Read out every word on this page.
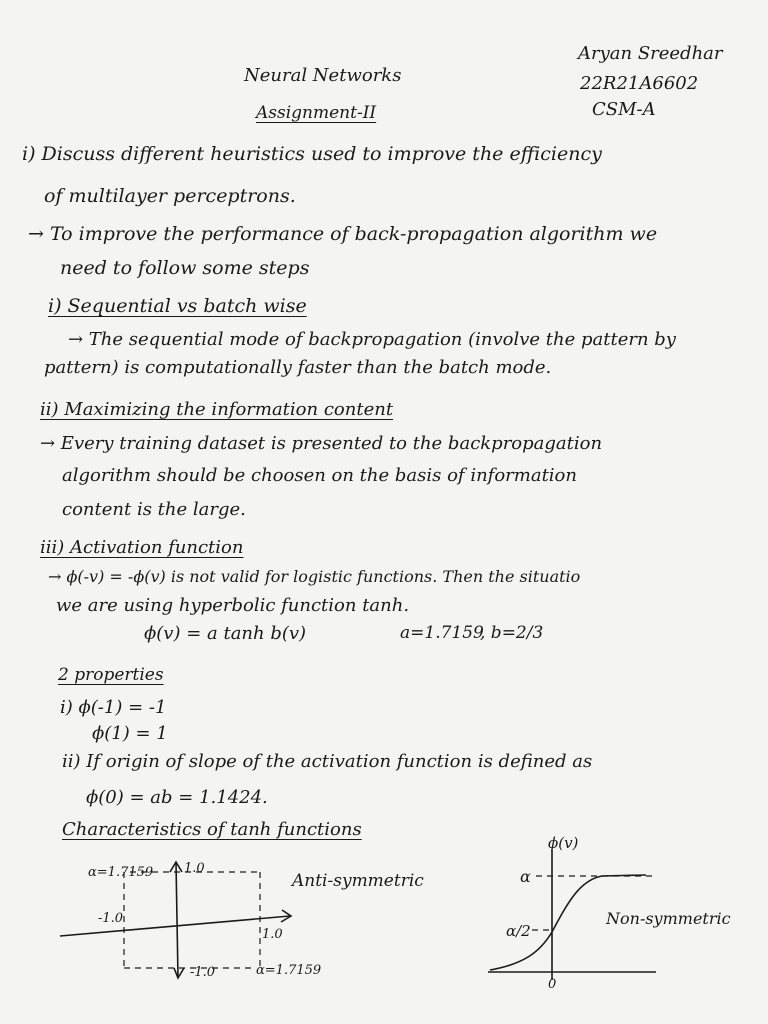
Aryan Sreedhar
22R21A6602
CSM-A
Neural Networks
Assignment-II
i) Discuss different heuristics used to improve the efficiency
of multilayer perceptrons.
→ To improve the performance of back-propagation algorithm we
need to follow some steps
i) Sequential vs batch wise
→ The sequential mode of backpropagation (involve the pattern by
pattern) is computationally faster than the batch mode.
ii) Maximizing the information content
→ Every training dataset is presented to the backpropagation
algorithm should be choosen on the basis of information
content is the large.
iii) Activation function
→ ϕ(-v) = -ϕ(v) is not valid for logistic functions. Then the situatio
we are using hyperbolic function tanh.
ϕ(v) = a tanh b(v)	a=1.7159
, b=2/3
2 properties
i) ϕ(-1) = -1
ϕ(1) = 1
ii) If origin of slope of the activation function is defined as
ϕ(0) = ab = 1.1424.
Characteristics of tanh functions
α=1.7159 1.0
-1.0
1.0
-1.0	α=1.7159
Anti-symmetric
ϕ(v)
α
α/2
0
Non-symmetric
